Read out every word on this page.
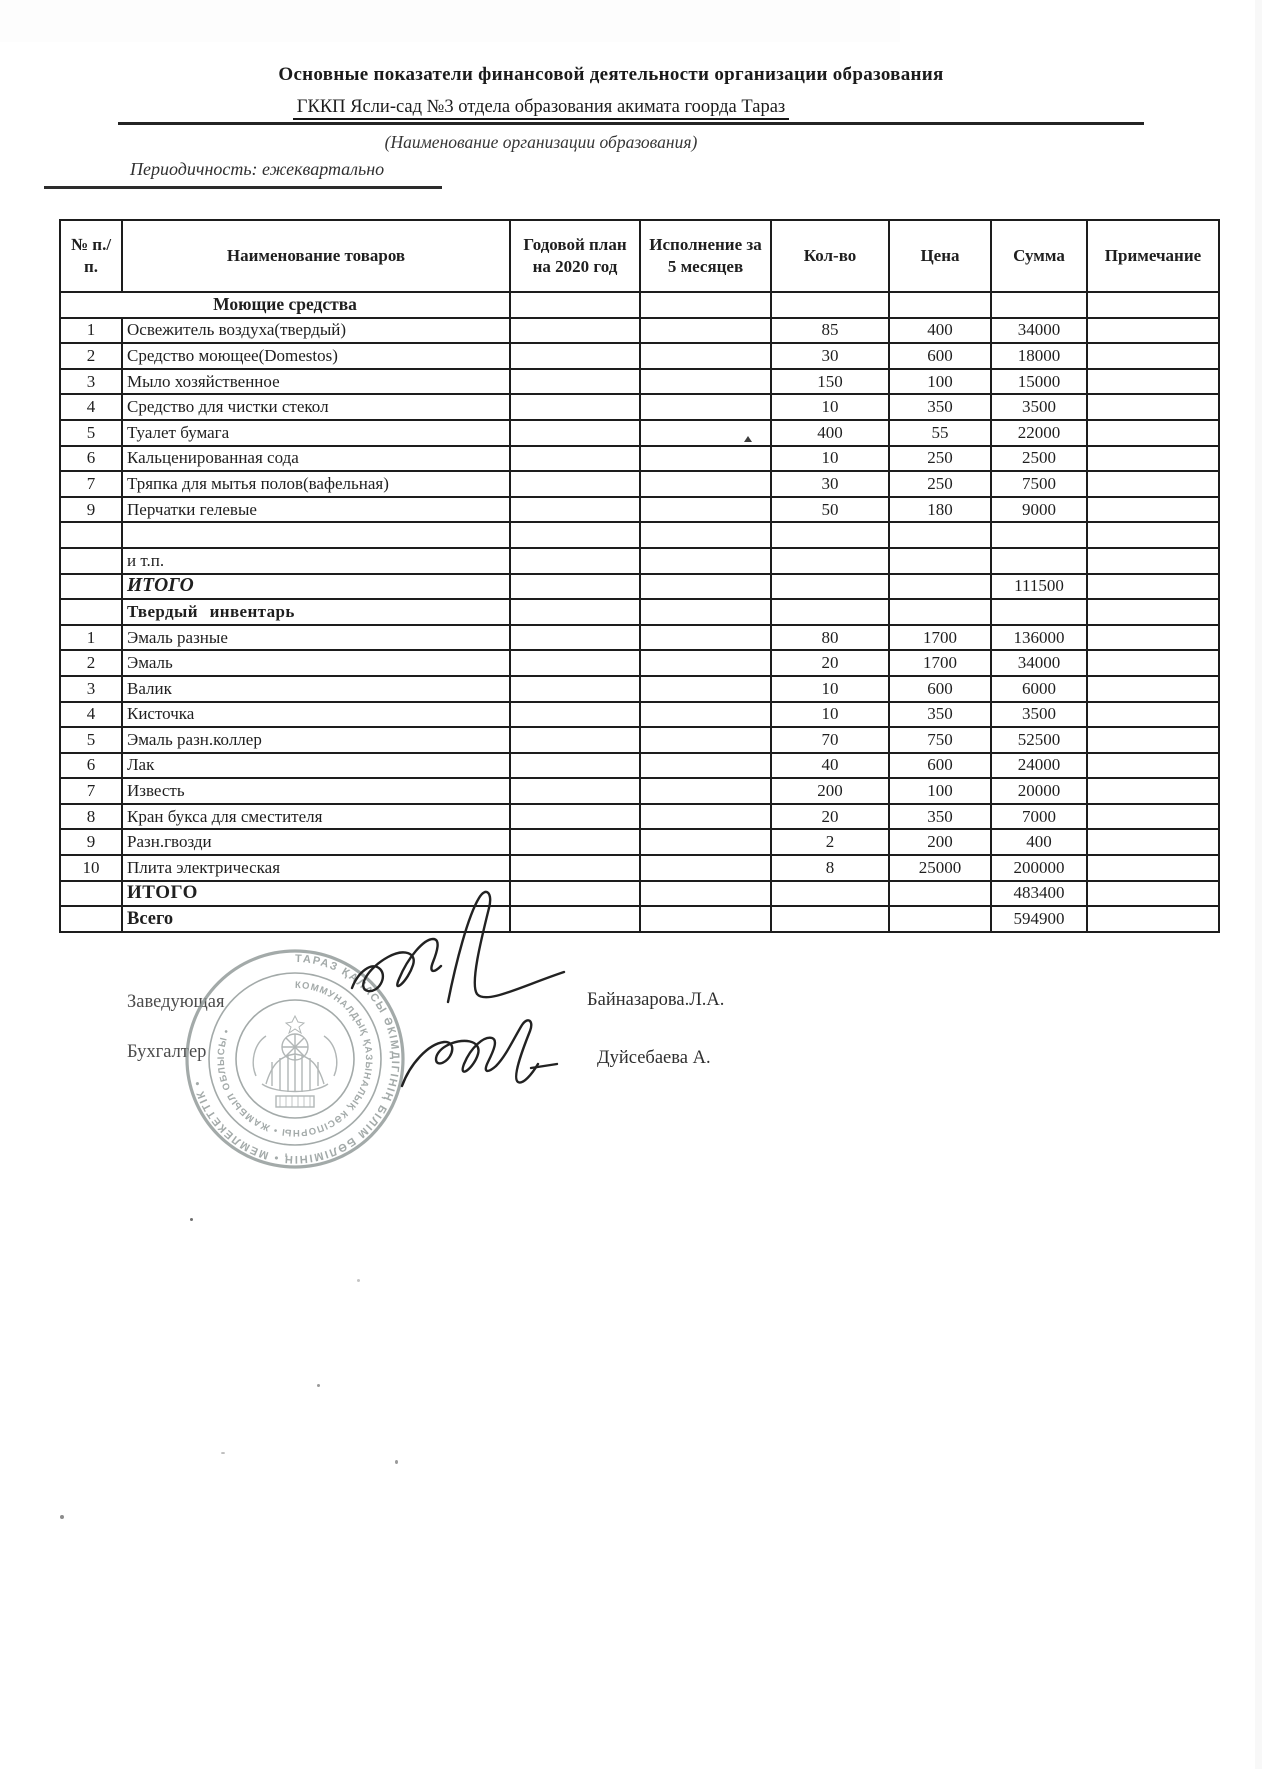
Основные показатели финансовой деятельности организации образования
ГККП Ясли-сад №3 отдела образования акимата гоорда Тараз
(Наименование организации образования)
Периодичность: ежеквартально
№ п./п.	Наименование товаров	Годовой план на 2020 год	Исполнение за 5 месяцев	Кол-во	Цена	Сумма	Примечание
Моющие средства							
1	Освежитель воздуха(твердый)			85	400	34000	
2	Средство моющее(Domestos)			30	600	18000	
3	Мыло хозяйственное			150	100	15000	
4	Средство для чистки стекол			10	350	3500	
5	Туалет бумага			400	55	22000	
6	Кальценированная сода			10	250	2500	
7	Тряпка для мытья полов(вафельная)			30	250	7500	
9	Перчатки гелевые			50	180	9000	

	и т.п.						
	ИТОГО					111500	
	Твердый инвентарь						
1	Эмаль разные			80	1700	136000	
2	Эмаль			20	1700	34000	
3	Валик			10	600	6000	
4	Кисточка			10	350	3500	
5	Эмаль разн.коллер			70	750	52500	
6	Лак			40	600	24000	
7	Известь			200	100	20000	
8	Кран букса для сместителя			20	350	7000	
9	Разн.гвозди			2	200	400	
10	Плита электрическая			8	25000	200000	
	ИТОГО					483400	
	Всего					594900	
Заведующая	Байназарова.Л.А.
Бухгалтер	Дуйсебаева А.
ТАРАЗ ҚАЛАСЫ ӘКІМДІГІНІҢ БІЛІМ БӨЛІМІНІҢ • МЕМЛЕКЕТТІК •
КОММУНАЛДЫҚ ҚАЗЫНАЛЫҚ КӘСІПОРНЫ • ЖАМБЫЛ ОБЛЫСЫ •
